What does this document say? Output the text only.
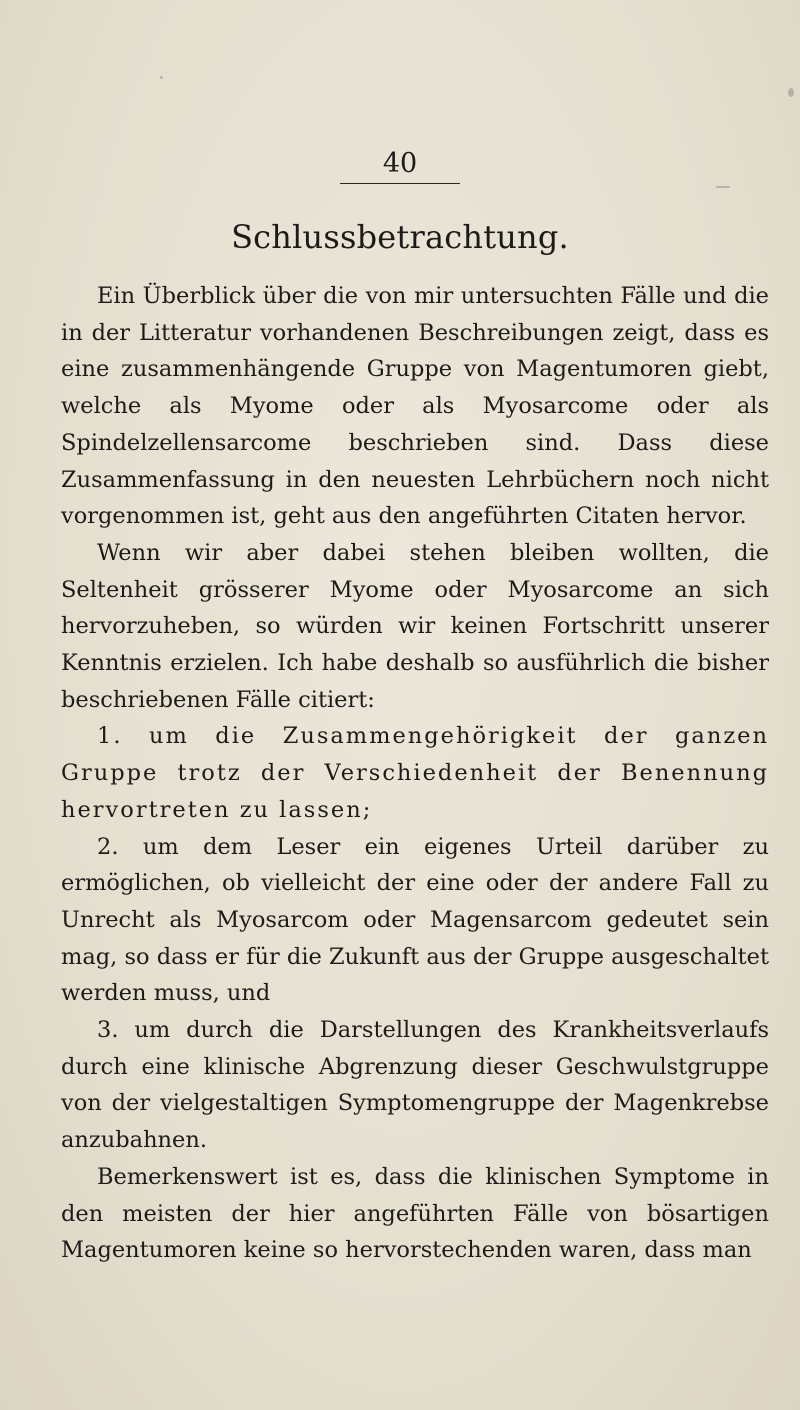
40
Schlussbetrachtung.

Ein Überblick über die von mir untersuchten Fälle und die in der Litteratur vorhandenen Beschreibungen zeigt, dass es eine zusammenhängende Gruppe von Magentumoren giebt, welche als Myome oder als Myosarcome oder als Spindelzellensarcome beschrieben sind. Dass diese Zusammenfassung in den neuesten Lehrbüchern noch nicht vorgenommen ist, geht aus den angeführten Citaten hervor.

Wenn wir aber dabei stehen bleiben wollten, die Seltenheit grösserer Myome oder Myosarcome an sich hervorzuheben, so würden wir keinen Fortschritt unserer Kenntnis erzielen. Ich habe deshalb so ausführlich die bisher beschriebenen Fälle citiert:

1. um die Zusammengehörigkeit der ganzen Gruppe trotz der Verschiedenheit der Benennung hervortreten zu lassen;

2. um dem Leser ein eigenes Urteil darüber zu ermöglichen, ob vielleicht der eine oder der andere Fall zu Unrecht als Myosarcom oder Magensarcom gedeutet sein mag, so dass er für die Zukunft aus der Gruppe ausgeschaltet werden muss, und

3. um durch die Darstellungen des Krankheitsverlaufs durch eine klinische Abgrenzung dieser Geschwulstgruppe von der vielgestaltigen Symptomengruppe der Magenkrebse anzubahnen.

Bemerkenswert ist es, dass die klinischen Symptome in den meisten der hier angeführten Fälle von bösartigen Magentumoren keine so hervorstechenden waren, dass man
